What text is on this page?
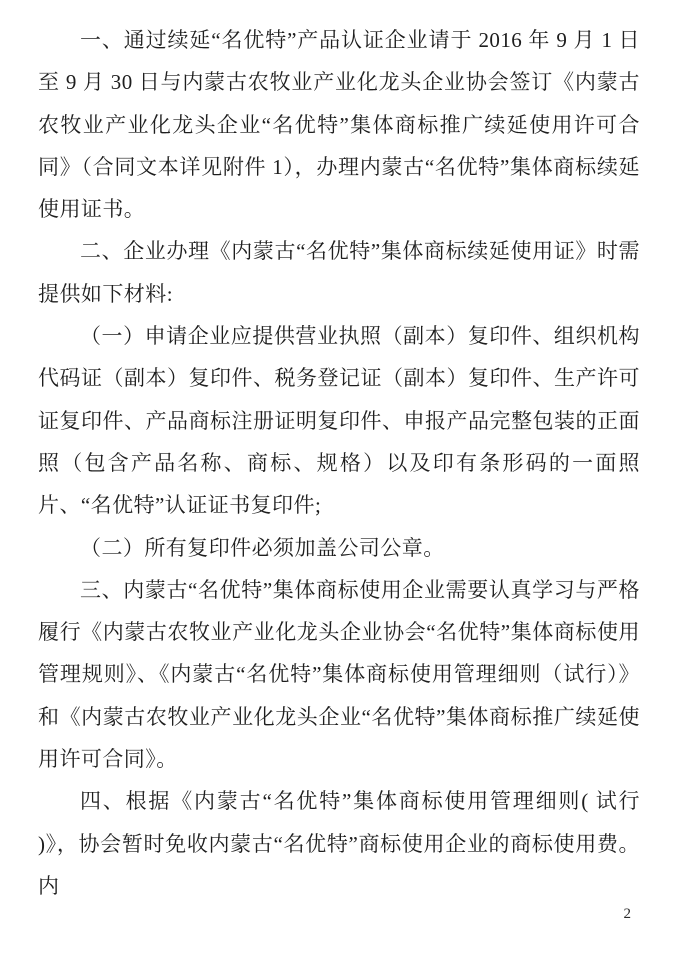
一、通过续延“名优特”产品认证企业请于 2016 年 9 月 1 日至 9 月 30 日与内蒙古农牧业产业化龙头企业协会签订《内蒙古农牧业产业化龙头企业“名优特”集体商标推广续延使用许可合同》（合同文本详见附件 1），办理内蒙古“名优特”集体商标续延使用证书。

二、企业办理《内蒙古“名优特”集体商标续延使用证》时需提供如下材料:

（一）申请企业应提供营业执照（副本）复印件、组织机构代码证（副本）复印件、税务登记证（副本）复印件、生产许可证复印件、产品商标注册证明复印件、申报产品完整包装的正面照（包含产品名称、商标、规格）以及印有条形码的一面照片、“名优特”认证证书复印件;

（二）所有复印件必须加盖公司公章。

三、内蒙古“名优特”集体商标使用企业需要认真学习与严格履行《内蒙古农牧业产业化龙头企业协会“名优特”集体商标使用管理规则》、《内蒙古“名优特”集体商标使用管理细则（试行）》和《内蒙古农牧业产业化龙头企业“名优特”集体商标推广续延使用许可合同》。

四、根据《内蒙古“名优特”集体商标使用管理细则( 试行 )》，协会暂时免收内蒙古“名优特”商标使用企业的商标使用费。内

2
